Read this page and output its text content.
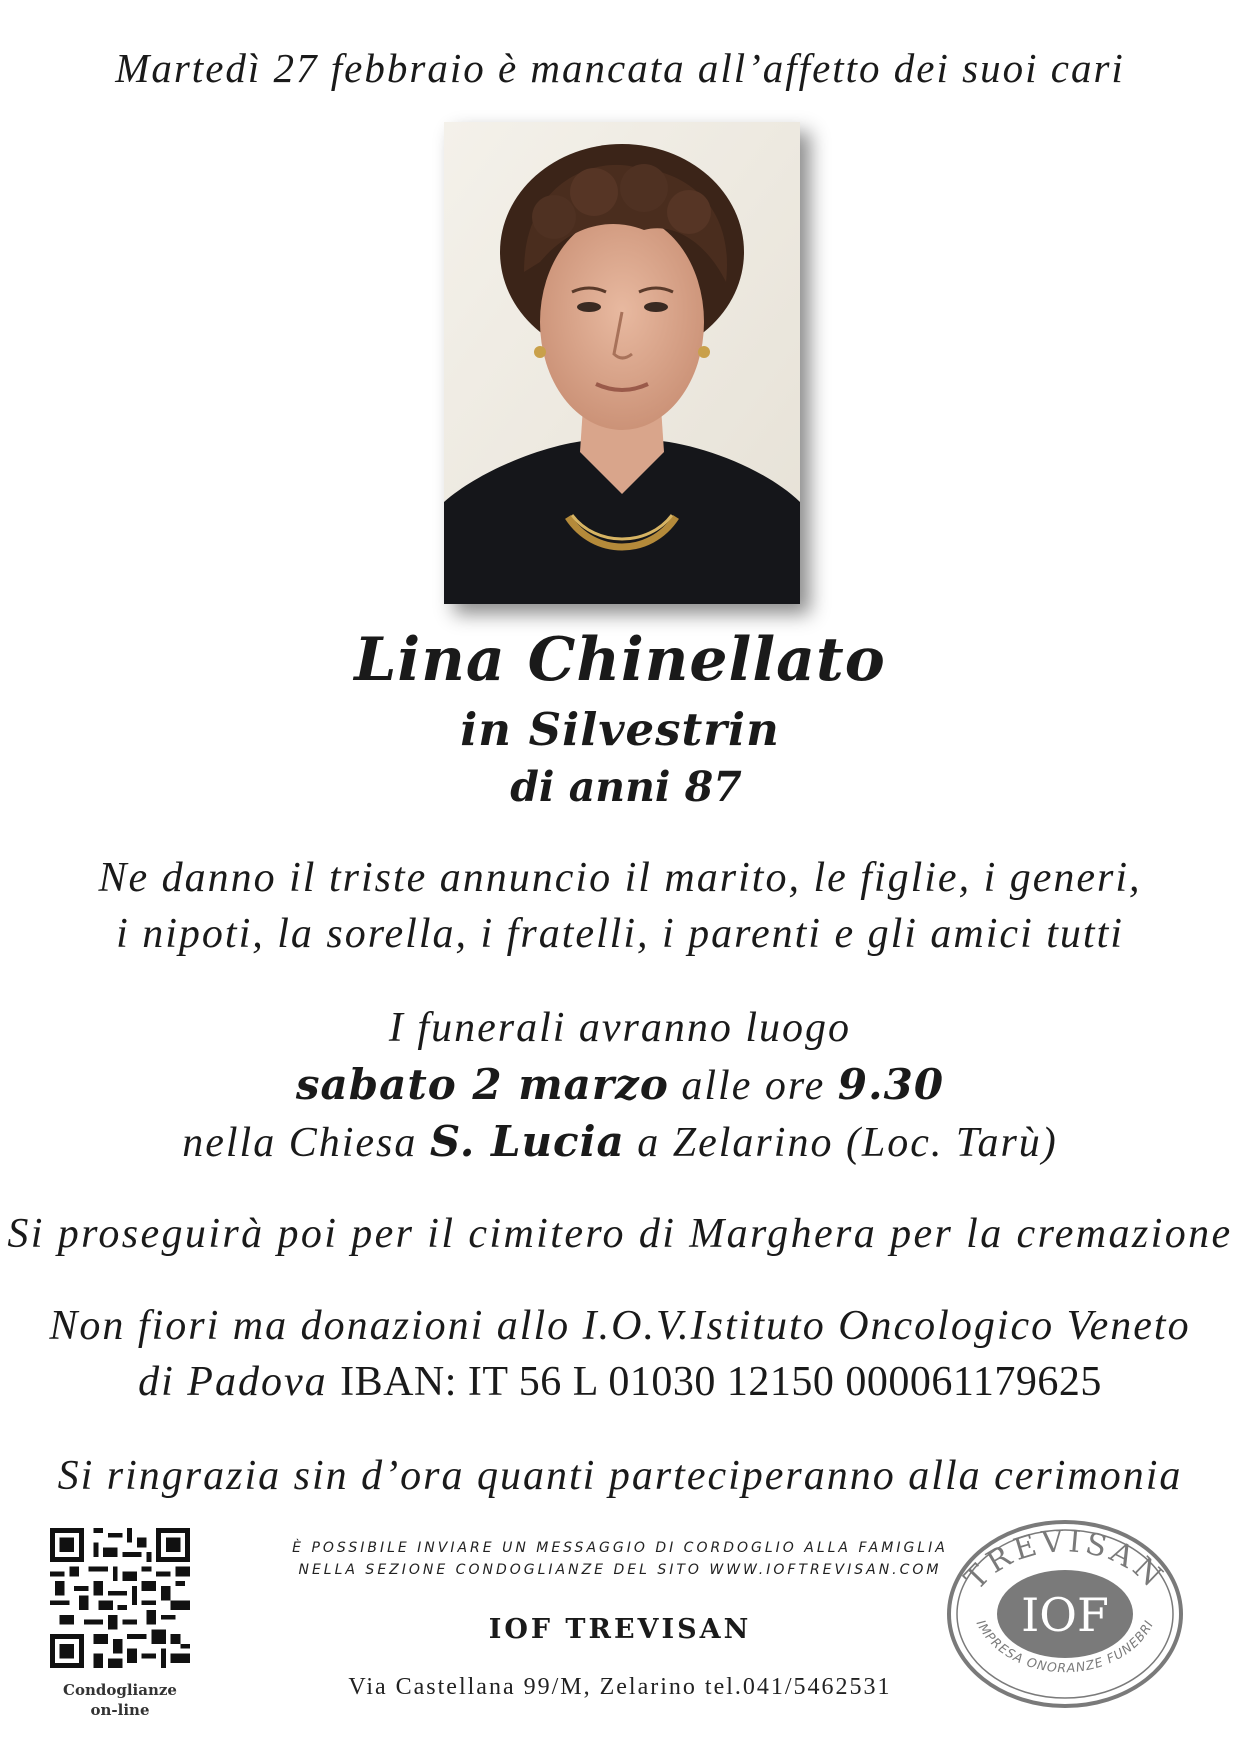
Martedì 27 febbraio è mancata all’affetto dei suoi cari
Lina Chinellato
in Silvestrin
di anni 87
Ne danno il triste annuncio il marito, le figlie, i generi,
i nipoti, la sorella, i fratelli, i parenti e gli amici tutti
I funerali avranno luogo
sabato 2 marzo alle ore 9.30
nella Chiesa S. Lucia a Zelarino (Loc. Tarù)
Si proseguirà poi per il cimitero di Marghera per la cremazione
Non fiori ma donazioni allo I.O.V.Istituto Oncologico Veneto
di Padova IBAN: IT 56 L 01030 12150 000061179625
Si ringrazia sin d’ora quanti parteciperanno alla cerimonia
Condoglianze
on-line
È POSSIBILE INVIARE UN MESSAGGIO DI CORDOGLIO ALLA FAMIGLIA
NELLA SEZIONE CONDOGLIANZE DEL SITO WWW.IOFTREVISAN.COM
IOF TREVISAN
Via Castellana 99/M, Zelarino tel.041/5462531
TREVISAN
IOF
IMPRESA ONORANZE FUNEBRI
